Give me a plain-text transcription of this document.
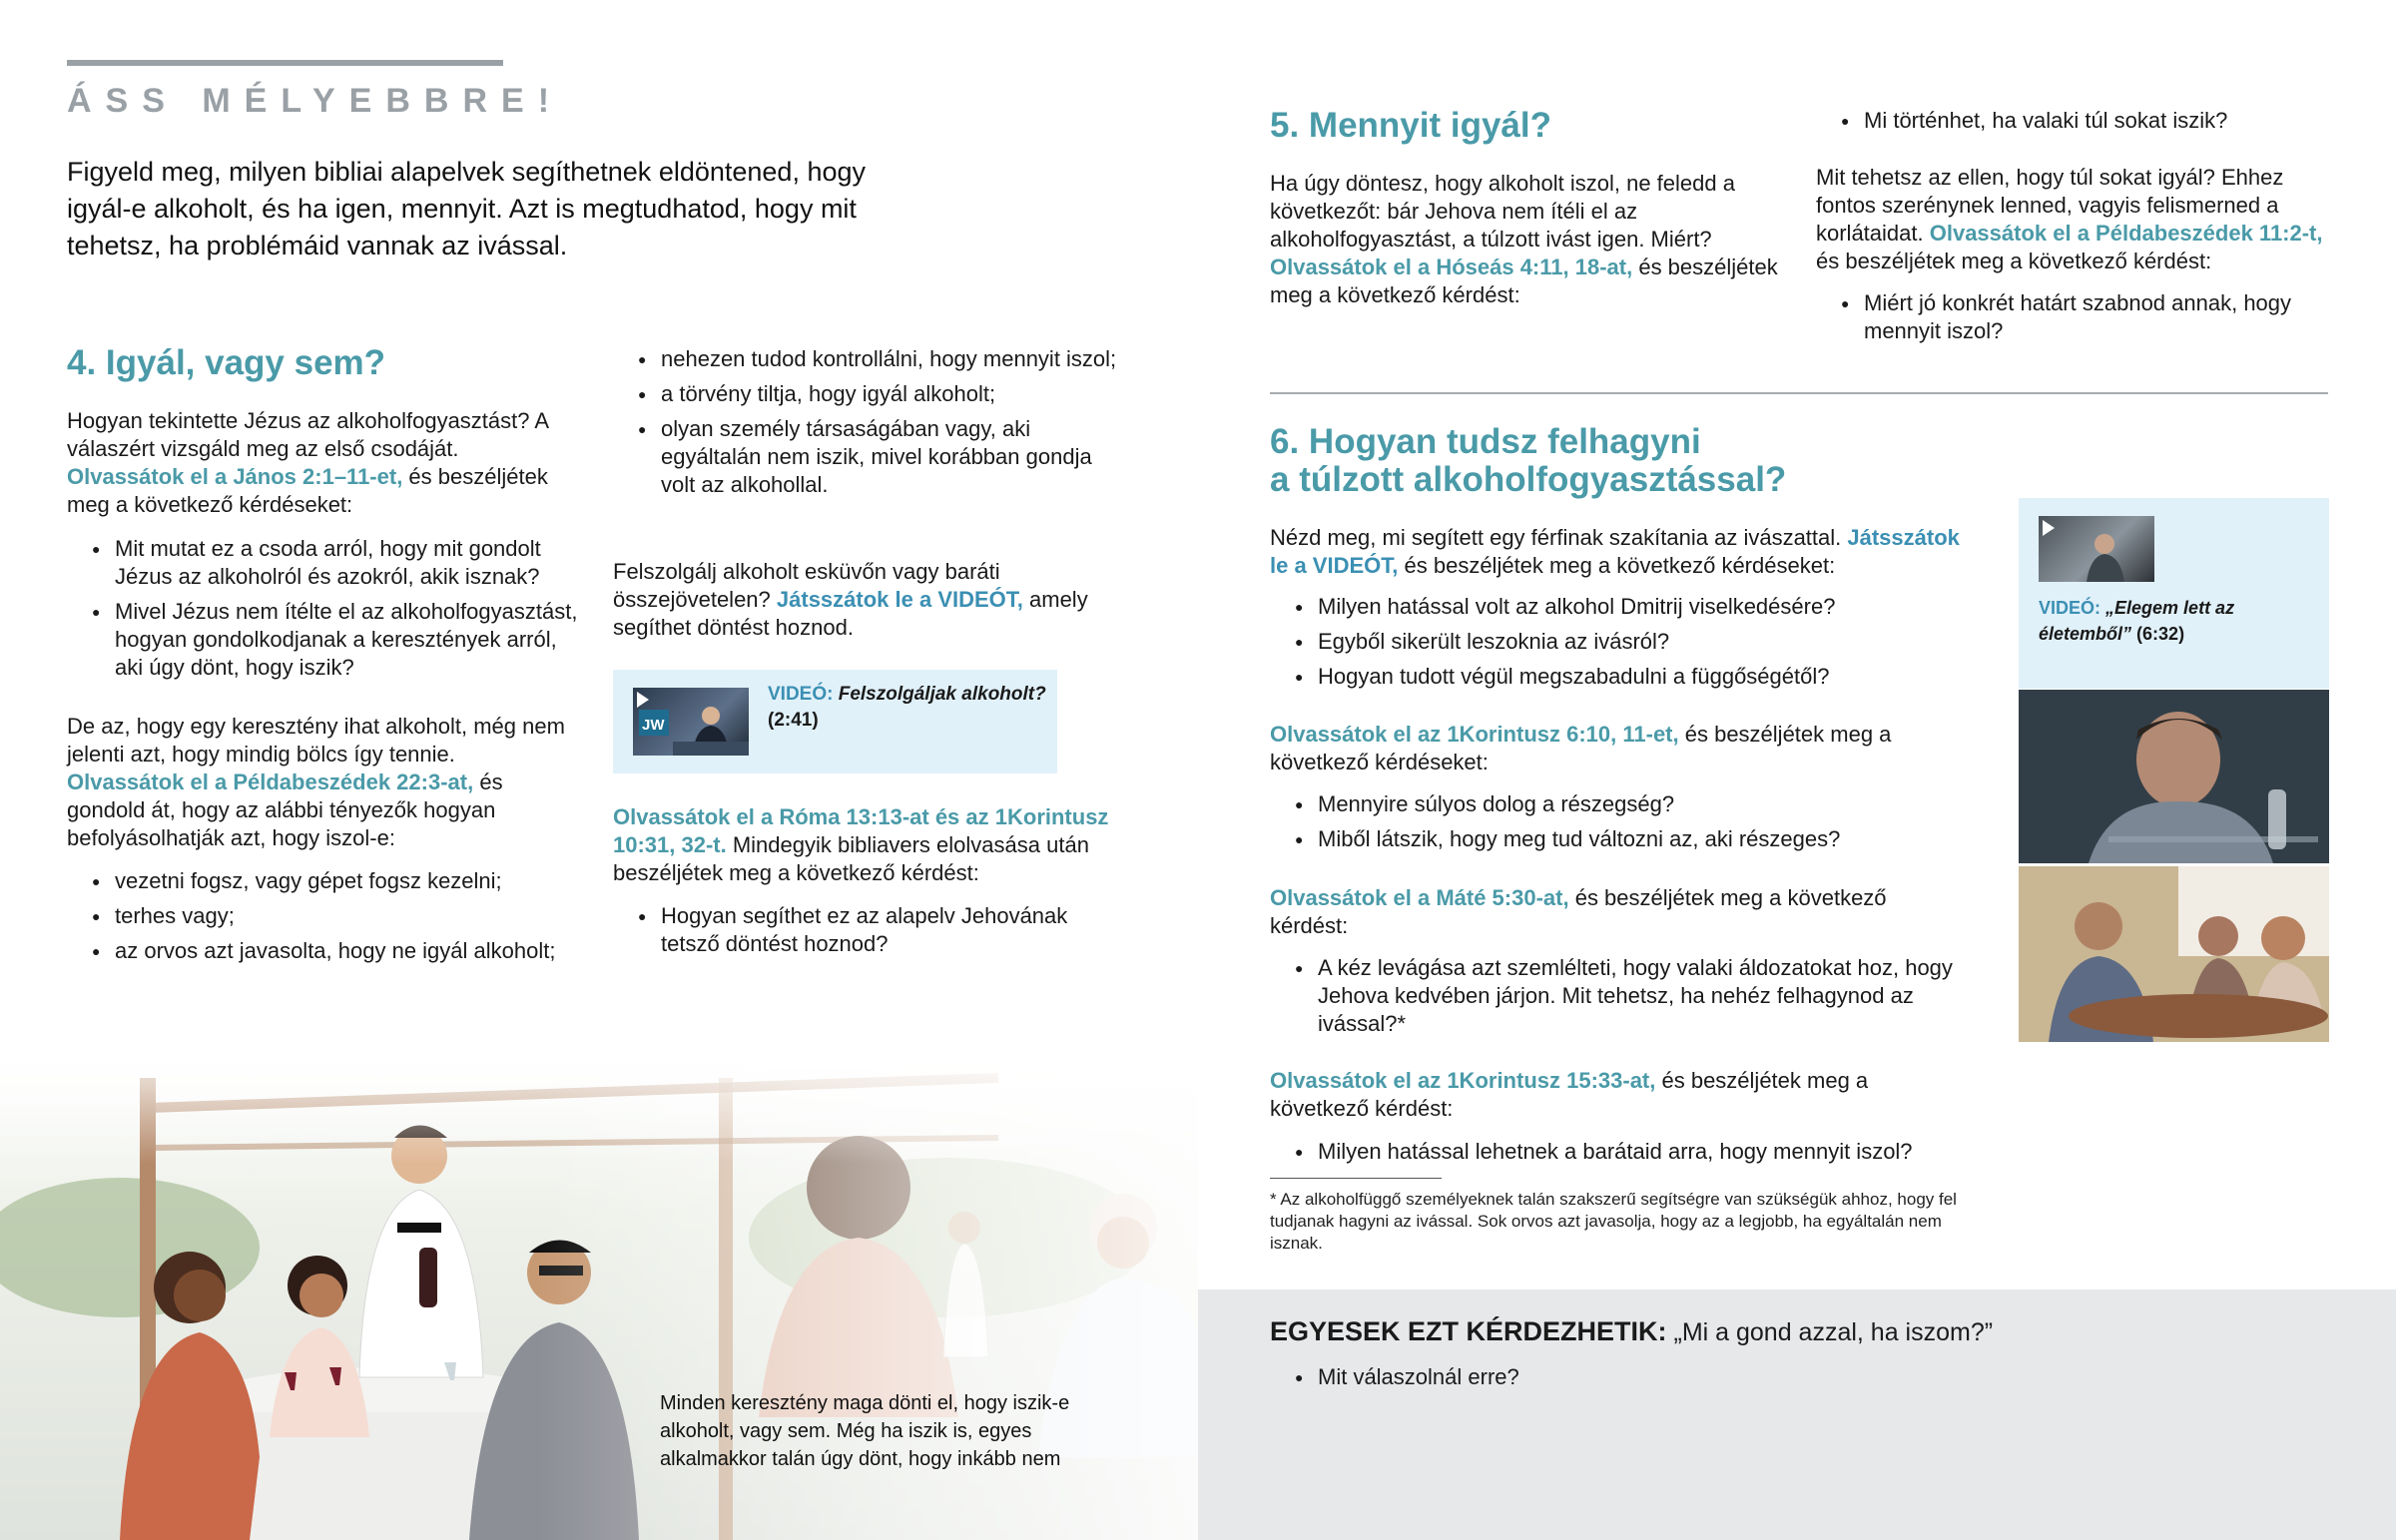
ÁSS MÉLYEBBRE!
Figyeld meg, milyen bibliai alapelvek segíthetnek eldöntened, hogy igyál-e alkoholt, és ha igen, mennyit. Azt is megtudhatod, hogy mit tehetsz, ha problémáid vannak az ivással.
4. Igyál, vagy sem?
Hogyan tekintette Jézus az alkoholfogyasztást? A válaszért vizsgáld meg az első csodáját. Olvassátok el a János 2:1–11-et, és beszéljétek meg a következő kérdéseket:
● Mit mutat ez a csoda arról, hogy mit gondolt Jézus az alkoholról és azokról, akik isznak?
● Mivel Jézus nem ítélte el az alkoholfogyasztást, hogyan gondolkodjanak a keresztények arról, aki úgy dönt, hogy iszik?
De az, hogy egy keresztény ihat alkoholt, még nem jelenti azt, hogy mindig bölcs így tennie. Olvassátok el a Példabeszédek 22:3-at, és gondold át, hogy az alábbi tényezők hogyan befolyásolhatják azt, hogy iszol-e:
● vezetni fogsz, vagy gépet fogsz kezelni;
● terhes vagy;
● az orvos azt javasolta, hogy ne igyál alkoholt;
● nehezen tudod kontrollálni, hogy mennyit iszol;
● a törvény tiltja, hogy igyál alkoholt;
● olyan személy társaságában vagy, aki egyáltalán nem iszik, mivel korábban gondja volt az alkohollal.
Felszolgálj alkoholt esküvőn vagy baráti összejövetelen? Játsszátok le a VIDEÓT, amely segíthet döntést hoznod.
JW
VIDEÓ: Felszolgáljak alkoholt?
(2:41)
Olvassátok el a Róma 13:13-at és az 1Korintusz 10:31, 32-t. Mindegyik bibliavers elolvasása után beszéljétek meg a következő kérdést:
● Hogyan segíthet ez az alapelv Jehovának tetsző döntést hoznod?
Minden keresztény maga dönti el, hogy iszik-e alkoholt, vagy sem. Még ha iszik is, egyes alkalmakkor talán úgy dönt, hogy inkább nem
5. Mennyit igyál?
Ha úgy döntesz, hogy alkoholt iszol, ne feledd a következőt: bár Jehova nem ítéli el az alkoholfogyasztást, a túlzott ivást igen. Miért? Olvassátok el a Hóseás 4:11, 18-at, és beszéljétek meg a következő kérdést:
● Mi történhet, ha valaki túl sokat iszik?
Mit tehetsz az ellen, hogy túl sokat igyál? Ehhez fontos szerénynek lenned, vagyis felismerned a korlátaidat. Olvassátok el a Példabeszédek 11:2-t, és beszéljétek meg a következő kérdést:
● Miért jó konkrét határt szabnod annak, hogy mennyit iszol?
6. Hogyan tudsz felhagyni
a túlzott alkoholfogyasztással?
Nézd meg, mi segített egy férfinak szakítania az ivászattal. Játsszátok le a VIDEÓT, és beszéljétek meg a következő kérdéseket:
● Milyen hatással volt az alkohol Dmitrij viselkedésére?
● Egyből sikerült leszoknia az ivásról?
● Hogyan tudott végül megszabadulni a függőségétől?
Olvassátok el az 1Korintusz 6:10, 11-et, és beszéljétek meg a következő kérdéseket:
● Mennyire súlyos dolog a részegség?
● Miből látszik, hogy meg tud változni az, aki részeges?
Olvassátok el a Máté 5:30-at, és beszéljétek meg a következő kérdést:
● A kéz levágása azt szemlélteti, hogy valaki áldozatokat hoz, hogy Jehova kedvében járjon. Mit tehetsz, ha nehéz felhagynod az ivással?*
Olvassátok el az 1Korintusz 15:33-at, és beszéljétek meg a következő kérdést:
● Milyen hatással lehetnek a barátaid arra, hogy mennyit iszol?
VIDEÓ: „Elegem lett az életemből” (6:32)
* Az alkoholfüggő személyeknek talán szakszerű segítségre van szükségük ahhoz, hogy fel tudjanak hagyni az ivással. Sok orvos azt javasolja, hogy az a legjobb, ha egyáltalán nem isznak.
EGYESEK EZT KÉRDEZHETIK: „Mi a gond azzal, ha iszom?”
● Mit válaszolnál erre?
